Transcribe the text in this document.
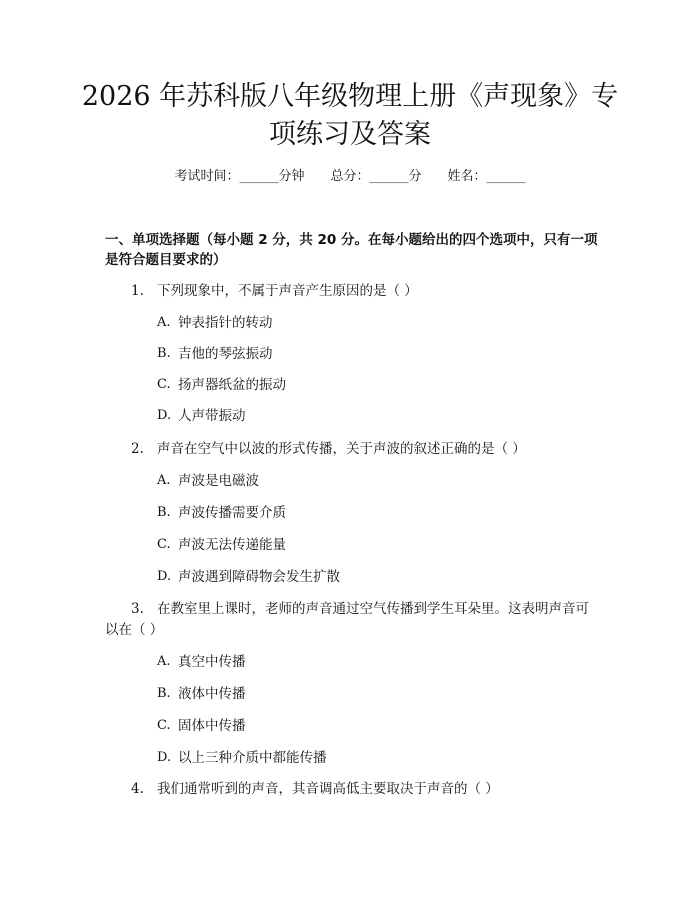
2026 年苏科版八年级物理上册《声现象》专
项练习及答案
考试时间：______分钟 总分：______分 姓名：______
一、单项选择题（每小题 2 分，共 20 分。在每小题给出的四个选项中，只有一项
是符合题目要求的）
1. 下列现象中，不属于声音产生原因的是（ ）
A. 钟表指针的转动
B. 吉他的琴弦振动
C. 扬声器纸盆的振动
D. 人声带振动
2. 声音在空气中以波的形式传播，关于声波的叙述正确的是（ ）
A. 声波是电磁波
B. 声波传播需要介质
C. 声波无法传递能量
D. 声波遇到障碍物会发生扩散
3. 在教室里上课时，老师的声音通过空气传播到学生耳朵里。这表明声音可
以在（ ）
A. 真空中传播
B. 液体中传播
C. 固体中传播
D. 以上三种介质中都能传播
4. 我们通常听到的声音，其音调高低主要取决于声音的（ ）
